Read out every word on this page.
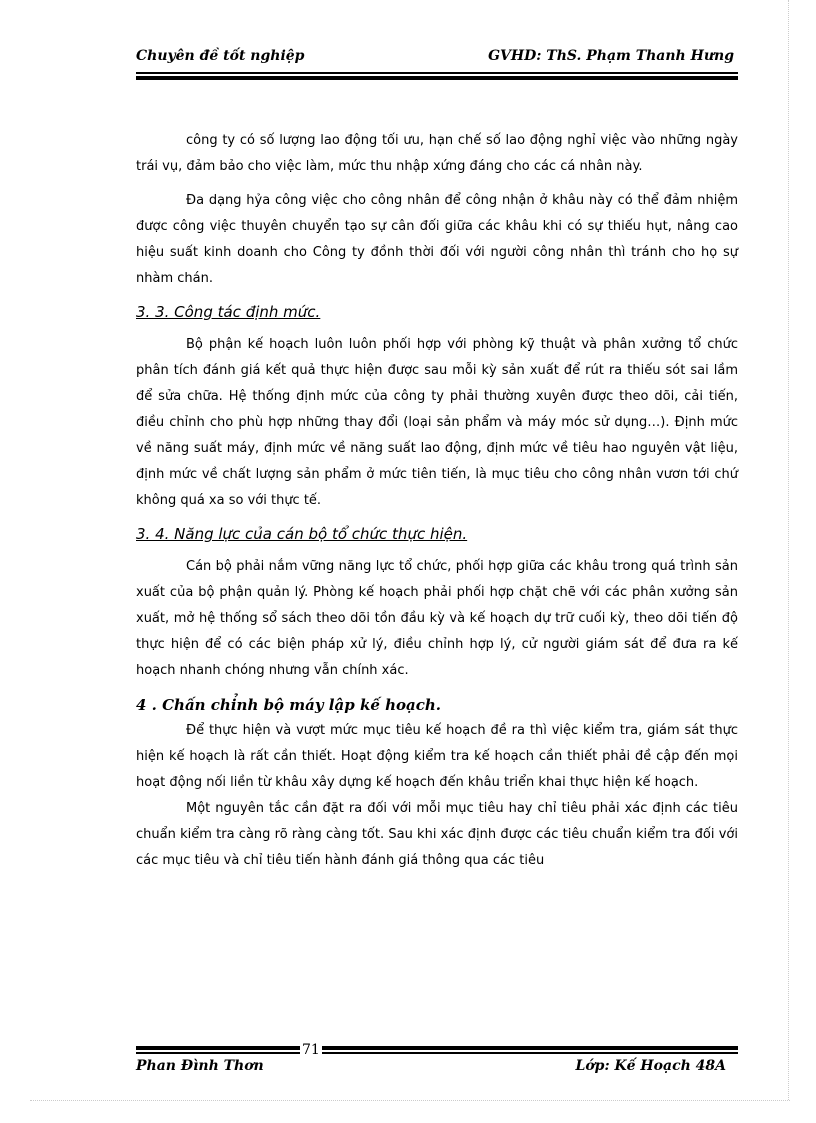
Chuyên đề tốt nghiệp	GVHD: ThS. Phạm Thanh Hưng

công ty có số lượng lao động tối ưu, hạn chế số lao động nghỉ việc vào những ngày trái vụ, đảm bảo cho việc làm, mức thu nhập xứng đáng cho các cá nhân này.

Đa dạng hỷa công việc cho công nhân để công nhận ở khâu này có thể đảm nhiệm được công việc thuyên chuyển tạo sự cân đối giữa các khâu khi có sự thiếu hụt, nâng cao hiệu suất kinh doanh cho Công ty đồnh thời đối với người công nhân thì tránh cho họ sự nhàm chán.

3. 3. Công tác định mức.

Bộ phận kế hoạch luôn luôn phối hợp với phòng kỹ thuật và phân xưởng tổ chức phân tích đánh giá kết quả thực hiện được sau mỗi kỳ sản xuất để rút ra thiếu sót sai lầm để sửa chữa. Hệ thống định mức của công ty phải thường xuyên được theo dõi, cải tiến, điều chỉnh cho phù hợp những thay đổi (loại sản phẩm và máy móc sử dụng…). Định mức về năng suất máy, định mức về năng suất lao động, định mức về tiêu hao nguyên vật liệu, định mức về chất lượng sản phẩm ở mức tiên tiến, là mục tiêu cho công nhân vươn tới chứ không quá xa so với thực tế.

3. 4. Năng lực của cán bộ tổ chức thực hiện.

Cán bộ phải nắm vững năng lực tổ chức, phối hợp giữa các khâu trong quá trình sản xuất của bộ phận quản lý. Phòng kế hoạch phải phối hợp chặt chẽ với các phân xưởng sản xuất, mở hệ thống sổ sách theo dõi tồn đầu kỳ và kế hoạch dự trữ cuối kỳ, theo dõi tiến độ thực hiện để có các biện pháp xử lý, điều chỉnh hợp lý, cử người giám sát để đưa ra kế hoạch nhanh chóng nhưng vẫn chính xác.

4 . Chấn chỉnh bộ máy lập kế hoạch.

Để thực hiện và vượt mức mục tiêu kế hoạch đề ra thì việc kiểm tra, giám sát thực hiện kế hoạch là rất cần thiết. Hoạt động kiểm tra kế hoạch cần thiết phải đề cập đến mọi hoạt động nối liền từ khâu xây dựng kế hoạch đến khâu triển khai thực hiện kế hoạch.

Một nguyên tắc cần đặt ra đối với mỗi mục tiêu hay chỉ tiêu phải xác định các tiêu chuẩn kiểm tra càng rõ ràng càng tốt. Sau khi xác định được các tiêu chuẩn kiểm tra đối với các mục tiêu và chỉ tiêu tiến hành đánh giá thông qua các tiêu

Phan Đình Thơn	Lớp: Kế Hoạch 48A
71
